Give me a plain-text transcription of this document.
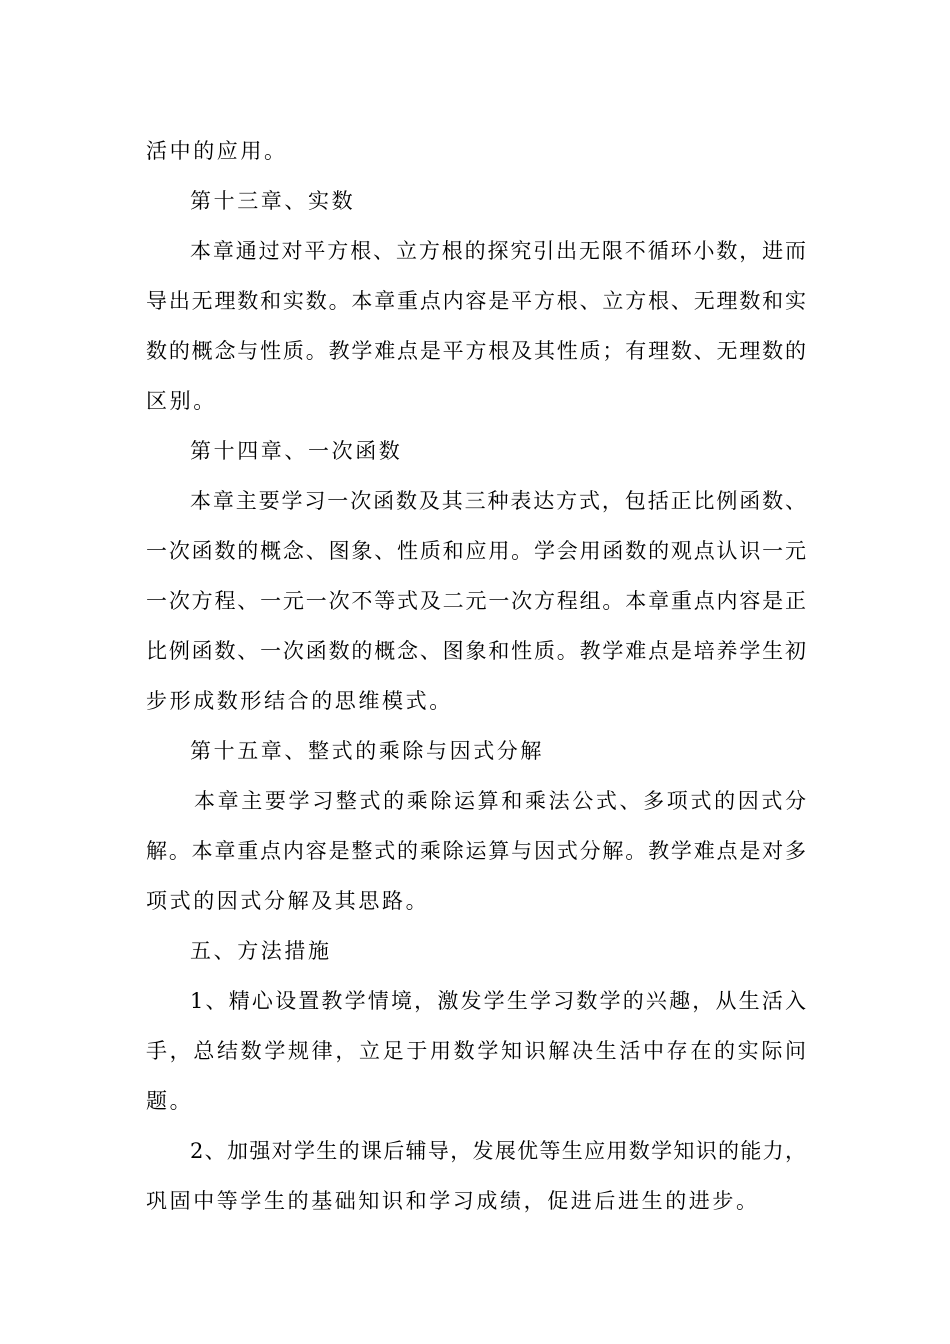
活中的应用。
第十三章、实数
本章通过对平方根、立方根的探究引出无限不循环小数，进而
导出无理数和实数。本章重点内容是平方根、立方根、无理数和实
数的概念与性质。教学难点是平方根及其性质；有理数、无理数的
区别。
第十四章、一次函数
本章主要学习一次函数及其三种表达方式，包括正比例函数、
一次函数的概念、图象、性质和应用。学会用函数的观点认识一元
一次方程、一元一次不等式及二元一次方程组。本章重点内容是正
比例函数、一次函数的概念、图象和性质。教学难点是培养学生初
步形成数形结合的思维模式。
第十五章、整式的乘除与因式分解
本章主要学习整式的乘除运算和乘法公式、多项式的因式分
解。本章重点内容是整式的乘除运算与因式分解。教学难点是对多
项式的因式分解及其思路。
五、方法措施
1、精心设置教学情境，激发学生学习数学的兴趣，从生活入
手，总结数学规律，立足于用数学知识解决生活中存在的实际问
题。
2、加强对学生的课后辅导，发展优等生应用数学知识的能力，
巩固中等学生的基础知识和学习成绩，促进后进生的进步。
